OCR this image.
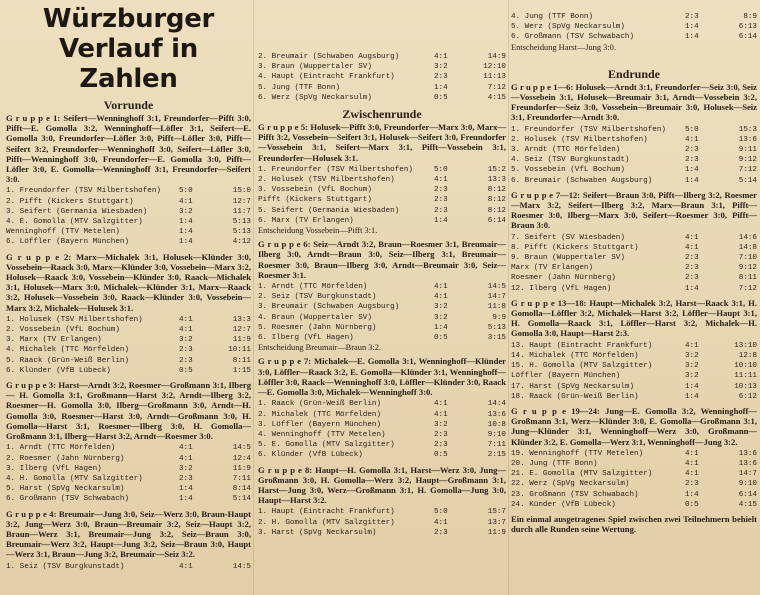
Würzburger Verlauf in Zahlen
Vorrunde
G r u p p e 1: Seifert—Wenninghoff 3:1, Freundorfer—Pifft 3:0, Pifft—E. Gomolla 3:2, Wenninghoff—Löfler 3:1, Seifert—E. Gomolla 3:0, Freundorfer—Löfler 3:0, Pifft—Löfler 3:0, Pifft—Seifert 3:2, Freundorfer—Wenninghoff 3:0, Seifert—Löfler 3:0, Pifft—Wenninghoff 3:0, Freundorfer—E. Gomolla 3:0, Pifft—Löfler 3:0, E. Gomolla—Wenninghoff 3:1, Freundorfer—Seifert 3:0.
1. Freundorfer (TSV Milbertshofen)	5:0	15:0
2. Pifft (Kickers Stuttgart)	4:1	12:7
3. Seifert (Germania Wiesbaden)	3:2	11:7
4. E. Gomolla (MTV Salzgitter)	1:4	5:13
Wenninghoff (TTV Metelen)	1:4	5:13
6. Löffler (Bayern München)	1:4	4:12
G r u p p e 2: Marx—Michalek 3:1, Holusek—Klünder 3:0, Vossebein—Raack 3:0, Marx—Klünder 3:0, Vossebein—Marx 3:2, Holusek—Raack 3:0, Vossebein—Klünder 3:0, Raack—Michalek 3:1, Holusek—Marx 3:0, Michalek—Klünder 3:1, Marx—Raack 3:2, Holusek—Vossebein 3:0, Raack—Klünder 3:0, Vossebein—Marx 3:2, Michalek—Holusek 3:1.
1. Holusek (TSV Milbertshofen)	4:1	13:3
2. Vossebein (VfL Bochum)	4:1	12:7
3. Marx (TV Erlangen)	3:2	11:9
4. Michalek (TTC Mörfelden)	2:3	10:11
5. Raack (Grün-Weiß Berlin)	2:3	8:11
6. Klünder (VfB Lübeck)	0:5	1:15
G r u p p e 3: Harst—Arndt 3:2, Roesmer—Großmann 3:1, Ilberg — H. Gomolla 3:1, Großmann—Harst 3:2, Arndt—Ilberg 3:2, Roesmer—H. Gomolla 3:0, Ilberg—Großmann 3:0, Arndt—H. Gomolla 3:0, Roesmer—Harst 3:0, Arndt—Großmann 3:0, H. Gomolla—Harst 3:1, Roesmer—Ilberg 3:0, H. Gomolla—Großmann 3:1, Ilberg—Harst 3:2, Arndt—Roesmer 3:0.
1. Arndt (TTC Mörfelden)	4:1	14:5
2. Roesmer (Jahn Nürnberg)	4:1	12:4
3. Ilberg (VfL Hagen)	3:2	11:9
4. H. Gomolla (MTV Salzgitter)	2:3	7:11
5. Harst (SpVg Neckarsulm)	1:4	8:14
6. Großmann (TSV Schwabach)	1:4	5:14
G r u p p e 4: Breumair—Jung 3:0, Seiz—Werz 3:0, Braun-Haupt 3:2, Jung—Werz 3:0, Braun—Breumair 3:2, Seiz—Haupt 3:2, Braun—Werz 3:1, Breumair—Jung 3:2, Seiz—Braun 3:0, Breumair—Werz 3:2, Haupt—Jung 3:2, Seiz—Braun 3:0, Haupt—Werz 3:1, Braun—Jung 3:2, Breumair—Seiz 3:2.
1. Seiz (TSV Burgkunstadt)	4:1	14:5
2. Breumair (Schwaben Augsburg)	4:1	14:9
3. Braun (Wuppertaler SV)	3:2	12:10
4. Haupt (Eintracht Frankfurt)	2:3	11:13
5. Jung (TTF Bonn)	1:4	7:12
6. Werz (SpVg Neckarsulm)	0:5	4:15
Zwischenrunde
G r u p p e 5: Holusek—Pifft 3:0, Freundorfer—Marx 3:0, Marx—Pifft 3:2, Vossebein—Seifert 3:1, Holusek—Seifert 3:0, Freundorfer—Vossebein 3:1, Seifert—Marx 3:1, Pifft—Vossebein 3:1, Freundorfer—Holusek 3:1.
1. Freundorfer (TSV Milbertshofen)	5:0	15:2
2. Holusek (TSV Milbertshofen)	4:1	13:3
3. Vossebein (VfL Bochum)	2:3	8:12
Pifft (Kickers Stuttgart)	2:3	8:12
5. Seifert (Germania Wiesbaden)	2:3	8:12
6. Marx (TV Erlangen)	1:4	6:14
Entscheidung Vossebein—Pifft 3:1.
G r u p p e 6: Seiz—Arndt 3:2, Braun—Roesmer 3:1, Breumair—Ilberg 3:0, Arndt—Braun 3:0, Seiz—Ilberg 3:1, Breumair—Roesmer 3:0, Braun—Ilberg 3:0, Arndt—Breumair 3:0, Seiz—Roesmer 3:1.
1. Arndt (TTC Mörfelden)	4:1	14:5
2. Seiz (TSV Burgkunstadt)	4:1	14:7
3. Breumair (Schwaben Augsburg)	3:2	11:8
4. Braun (Wuppertaler SV)	3:2	9:9
5. Roesmer (Jahn Nürnberg)	1:4	5:13
6. Ilberg (VfL Hagen)	0:5	3:15
Entscheidung Breumair—Braun 3:2.
G r u p p e 7: Michalek—E. Gomolla 3:1, Wenninghoff—Klünder 3:0, Löffler—Raack 3:2, E. Gomolla—Klünder 3:1, Wenninghoff—Löffler 3:0, Raack—Wenninghoff 3:0, Löffler—Klünder 3:0, Raack—E. Gomolla 3:0, Michalek—Wenninghoff 3:0.
1. Raack (Grün-Weiß Berlin)	4:1	14:4
2. Michalek (TTC Mörfelden)	4:1	13:6
3. Löffler (Bayern München)	3:2	10:8
4. Wenninghoff (TTV Metelen)	2:3	9:10
5. E. Gomolla (MTV Salzgitter)	2:3	7:11
6. Klünder (VfB Lübeck)	0:5	2:15
G r u p p e 8: Haupt—H. Gomolla 3:1, Harst—Werz 3:0, Jung—Großmann 3:0, H. Gomolla—Werz 3:2, Haupt—Großmann 3:1, Harst—Jung 3:0, Werz—Großmann 3:1, H. Gomolla—Jung 3:0, Haupt—Harst 3:2.
1. Haupt (Eintracht Frankfurt)	5:0	15:7
2. H. Gomolla (MTV Salzgitter)	4:1	13:7
3. Harst (SpVg Neckarsulm)	2:3	11:9
4. Jung (TTF Bonn)	2:3	8:9
5. Werz (SpVg Neckarsulm)	1:4	6:13
6. Großmann (TSV Schwabach)	1:4	6:14
Entscheidung Harst—Jung 3:0.
Endrunde
G r u p p e 1—6: Holusek—Arndt 3:1, Freundorfer—Seiz 3:0, Seiz—Vossebein 3:1, Holusek—Breumair 3:1, Arndt—Vossebein 3:2, Freundorfer—Seiz 3:0, Vossebein—Breumair 3:0, Holusek—Seiz 3:1, Freundorfer—Arndt 3:0.
1. Freundorfer (TSV Milbertshofen)	5:0	15:3
2. Holusek (TSV Milbertshofen)	4:1	13:6
3. Arndt (TTC Mörfelden)	2:3	9:11
4. Seiz (TSV Burgkunstadt)	2:3	9:12
5. Vossebein (VfL Bochum)	1:4	7:12
6. Breumair (Schwaben Augsburg)	1:4	5:14
G r u p p e 7—12: Seifert—Braun 3:0, Pifft—Ilberg 3:2, Roesmer—Marx 3:2, Seifert—Ilberg 3:2, Marx—Braun 3:1, Pifft—Roesmer 3:0, Ilberg—Marx 3:0, Seifert—Roesmer 3:0, Pifft—Braun 3:0.
7. Seifert (SV Wiesbaden)	4:1	14:6
8. Pifft (Kickers Stuttgart)	4:1	14:8
9. Braun (Wuppertaler SV)	2:3	7:10
Marx (TV Erlangen)	2:3	9:12
Roesmer (Jahn Nürnberg)	2:3	8:11
12. Ilberg (VfL Hagen)	1:4	7:12
G r u p p e 13—18: Haupt—Michalek 3:2, Harst—Raack 3:1, H. Gomolla—Löffler 3:2, Michalek—Harst 3:2, Löffler—Haupt 3:1, H. Gomolla—Raack 3:1, Löffler—Harst 3:2, Michalek—H. Gomolla 3:0, Haupt—Harst 2:3.
13. Haupt (Eintracht Frankfurt)	4:1	13:10
14. Michalek (TTC Mörfelden)	3:2	12:8
15. H. Gomolla (MTV Salzgitter)	3:2	10:10
Löffler (Bayern München)	3:2	11:11
17. Harst (SpVg Neckarsulm)	1:4	10:13
18. Raack (Grün-Weiß Berlin)	1:4	6:12
G r u p p e 19—24: Jung—E. Gomolla 3:2, Wenninghoff—Großmann 3:1, Werz—Klünder 3:0, E. Gomolla—Großmann 3:1, Jung—Klünder 3:1, Wenninghoff—Werz 3:0, Großmann—Klünder 3:2, E. Gomolla—Werz 3:1, Wenninghoff—Jung 3:2.
19. Wenninghoff (TTV Metelen)	4:1	13:6
20. Jung (TTF Bonn)	4:1	13:6
21. E. Gomolla (MTV Salzgitter)	4:1	14:7
22. Werz (SpVg Neckarsulm)	2:3	9:10
23. Großmann (TSV Schwabach)	1:4	6:14
24. Künder (VfB Lübeck)	0:5	4:15
Ein einmal ausgetragenes Spiel zwischen zwei Teilnehmern behielt durch alle Runden seine Wertung.
